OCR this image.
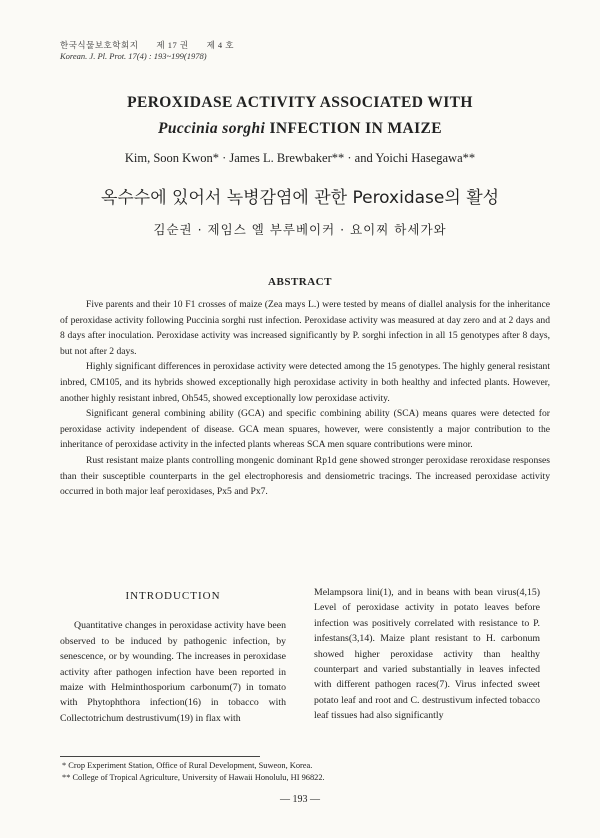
한국식물보호학회지　　제 17 권　　제 4 호
Korean. J. Pl. Prot. 17(4) : 193~199(1978)
PEROXIDASE ACTIVITY ASSOCIATED WITH
Puccinia sorghi INFECTION IN MAIZE
Kim, Soon Kwon* · James L. Brewbaker** · and Yoichi Hasegawa**
옥수수에 있어서 녹병감염에 관한 Peroxidase의 활성
김순권 · 제임스 엘 부루베이커 · 요이찌 하세가와
ABSTRACT

Five parents and their 10 F1 crosses of maize (Zea mays L.) were tested by means of diallel analysis for the inheritance of peroxidase activity following Puccinia sorghi rust infection. Peroxidase activity was measured at day zero and at 2 days and 8 days after inoculation. Peroxidase activity was increased significantly by P. sorghi infection in all 15 genotypes after 8 days, but not after 2 days.

Highly significant differences in peroxidase activity were detected among the 15 genotypes. The highly general resistant inbred, CM105, and its hybrids showed exceptionally high peroxidase activity in both healthy and infected plants. However, another highly resistant inbred, Oh545, showed exceptionally low peroxidase activity.

Significant general combining ability (GCA) and specific combining ability (SCA) means quares were detected for peroxidase activity independent of disease. GCA mean spuares, however, were consistently a major contribution to the inheritance of peroxidase activity in the infected plants whereas SCA men square contributions were minor.

Rust resistant maize plants controlling mongenic dominant Rp1d gene showed stronger peroxidase reroxidase responses than their susceptible counterparts in the gel electrophoresis and densiometric tracings. The increased peroxidase activity occurred in both major leaf peroxidases, Px5 and Px7.

INTRODUCTION

Quantitative changes in peroxidase activity have been observed to be induced by pathogenic infection, by senescence, or by wounding. The increases in peroxidase activity after pathogen infection have been reported in maize with Helminthosporium carbonum(7) in tomato with Phytophthora infection(16) in tobacco with Collectotrichum destrustivum(19) in flax with

Melampsora lini(1), and in beans with bean virus(4,15) Level of peroxidase activity in potato leaves before infection was positively correlated with resistance to P. infestans(3,14). Maize plant resistant to H. carbonum showed higher peroxidase activity than healthy counterpart and varied substantially in leaves infected with different pathogen races(7). Virus infected sweet potato leaf and root and C. destrustivum infected tobacco leaf tissues had also significantly

* Crop Experiment Station, Office of Rural Development, Suweon, Korea.
** College of Tropical Agriculture, University of Hawaii Honolulu, HI 96822.
— 193 —
